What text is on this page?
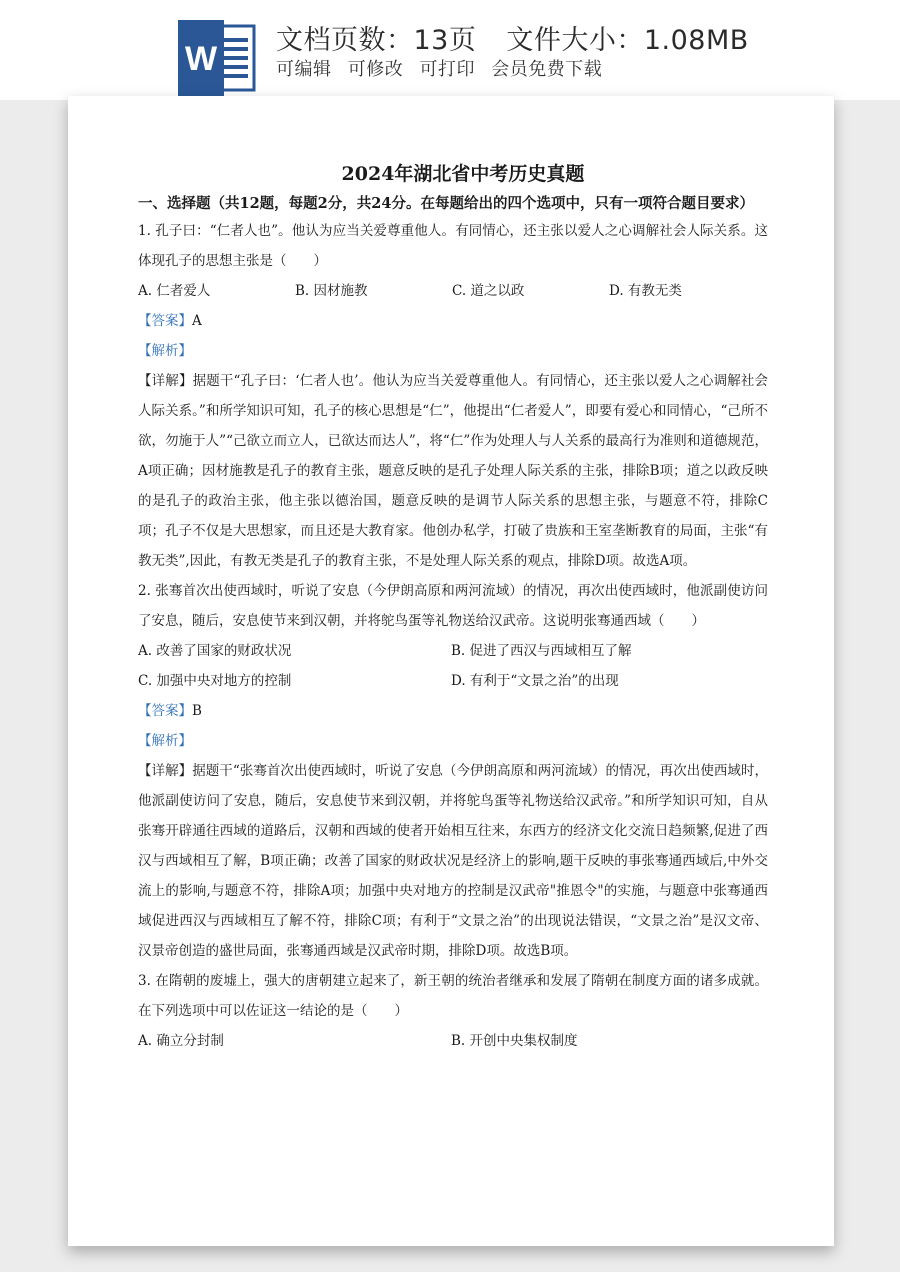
W 文档页数：13页 文件大小：1.08MB
可编辑 可修改 可打印 会员免费下载
2024年湖北省中考历史真题
一、选择题（共12题，每题2分，共24分。在每题给出的四个选项中，只有一项符合题目要求）

1. 孔子曰：“仁者人也”。他认为应当关爱尊重他人。有同情心，还主张以爱人之心调解社会人际关系。这体现孔子的思想主张是（　　）

A. 仁者爱人	B. 因材施教	C. 道之以政	D. 有教无类

【答案】A

【解析】

【详解】据题干“孔子曰：‘仁者人也’。他认为应当关爱尊重他人。有同情心，还主张以爱人之心调解社会人际关系。”和所学知识可知，孔子的核心思想是“仁”，他提出“仁者爱人”，即要有爱心和同情心，“己所不欲，勿施于人”“己欲立而立人，已欲达而达人”，将“仁”作为处理人与人关系的最高行为准则和道德规范，A项正确；因材施教是孔子的教育主张，题意反映的是孔子处理人际关系的主张，排除B项；道之以政反映的是孔子的政治主张，他主张以德治国，题意反映的是调节人际关系的思想主张，与题意不符，排除C项；孔子不仅是大思想家，而且还是大教育家。他创办私学，打破了贵族和王室垄断教育的局面，主张“有教无类”,因此，有教无类是孔子的教育主张，不是处理人际关系的观点，排除D项。故选A项。

2. 张骞首次出使西域时，听说了安息（今伊朗高原和两河流域）的情况，再次出使西域时，他派副使访问了安息，随后，安息使节来到汉朝，并将鸵鸟蛋等礼物送给汉武帝。这说明张骞通西域（　　）

A. 改善了国家的财政状况	B. 促进了西汉与西域相互了解
C. 加强中央对地方的控制	D. 有利于“文景之治”的出现

【答案】B

【解析】

【详解】据题干“张骞首次出使西域时，听说了安息（今伊朗高原和两河流域）的情况，再次出使西域时，他派副使访问了安息，随后，安息使节来到汉朝，并将鸵鸟蛋等礼物送给汉武帝。”和所学知识可知，自从张骞开辟通往西域的道路后，汉朝和西域的使者开始相互往来，东西方的经济文化交流日趋频繁,促进了西汉与西域相互了解，B项正确；改善了国家的财政状况是经济上的影响,题干反映的事张骞通西域后,中外交流上的影响,与题意不符，排除A项；加强中央对地方的控制是汉武帝"推恩令"的实施，与题意中张骞通西域促进西汉与西域相互了解不符，排除C项；有利于“文景之治”的出现说法错误，“文景之治”是汉文帝、汉景帝创造的盛世局面，张骞通西域是汉武帝时期，排除D项。故选B项。

3. 在隋朝的废墟上，强大的唐朝建立起来了，新王朝的统治者继承和发展了隋朝在制度方面的诸多成就。在下列选项中可以佐证这一结论的是（　　）

A. 确立分封制	B. 开创中央集权制度
